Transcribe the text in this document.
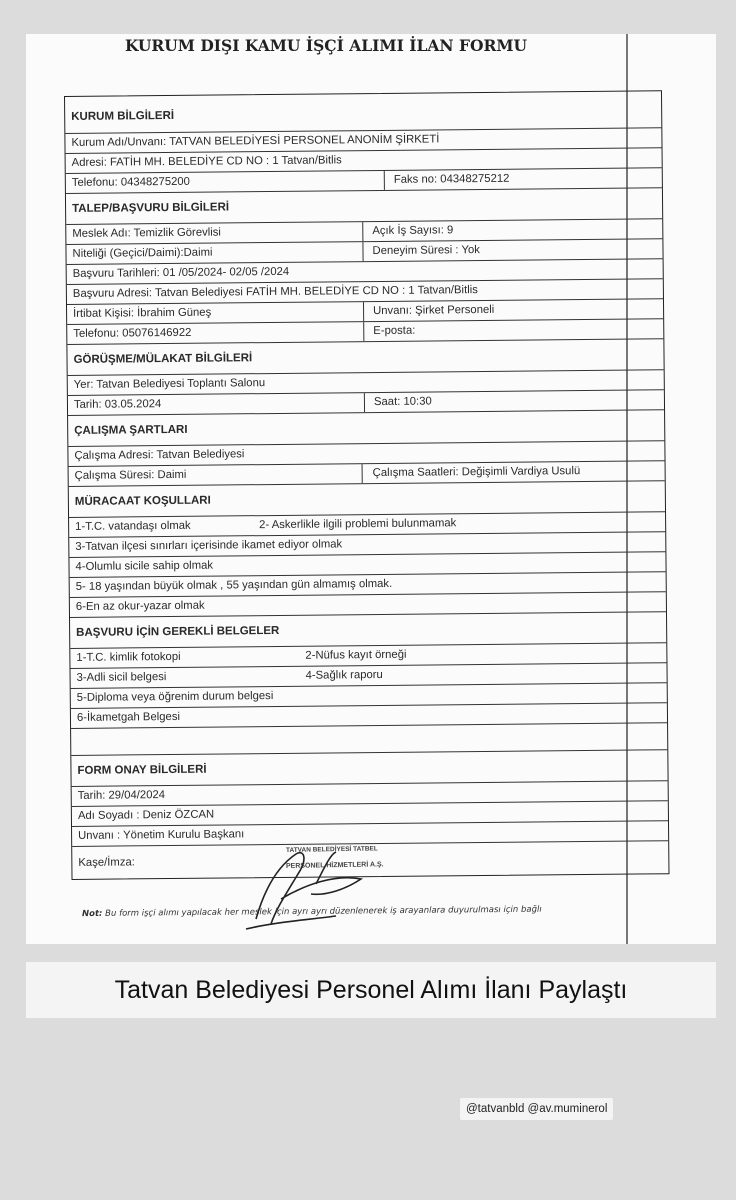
KURUM DIŞI KAMU İŞÇİ ALIMI İLAN FORMU
KURUM BİLGİLERİ
Kurum Adı/Unvanı: TATVAN BELEDİYESİ PERSONEL ANONİM ŞİRKETİ
Adresi: FATİH MH. BELEDİYE CD NO : 1 Tatvan/Bitlis
Telefonu: 04348275200	Faks no: 04348275212
TALEP/BAŞVURU BİLGİLERİ
Meslek Adı: Temizlik Görevlisi	Açık İş Sayısı: 9
Niteliği (Geçici/Daimi):Daimi	Deneyim Süresi : Yok
Başvuru Tarihleri: 01 /05/2024- 02/05 /2024
Başvuru Adresi: Tatvan Belediyesi FATİH MH. BELEDİYE CD NO : 1 Tatvan/Bitlis
İrtibat Kişisi: İbrahim Güneş	Unvanı: Şirket Personeli
Telefonu: 05076146922	E-posta:
GÖRÜŞME/MÜLAKAT BİLGİLERİ
Yer: Tatvan Belediyesi Toplantı Salonu
Tarih: 03.05.2024	Saat: 10:30
ÇALIŞMA ŞARTLARI
Çalışma Adresi: Tatvan Belediyesi
Çalışma Süresi: Daimi	Çalışma Saatleri: Değişimli Vardiya Usulü
MÜRACAAT KOŞULLARI
1-T.C. vatandaşı olmak	2- Askerlikle ilgili problemi bulunmamak
3-Tatvan ilçesi sınırları içerisinde ikamet ediyor olmak
4-Olumlu sicile sahip olmak
5- 18 yaşından büyük olmak , 55 yaşından gün almamış olmak.
6-En az okur-yazar olmak
BAŞVURU İÇİN GEREKLİ BELGELER
1-T.C. kimlik fotokopi	2-Nüfus kayıt örneği
3-Adli sicil belgesi	4-Sağlık raporu
5-Diploma veya öğrenim durum belgesi
6-İkametgah Belgesi
FORM ONAY BİLGİLERİ
Tarih: 29/04/2024
Adı Soyadı : Deniz ÖZCAN
Unvanı : Yönetim Kurulu Başkanı
Kaşe/İmza:
Not: Bu form işçi alımı yapılacak her meslek için ayrı ayrı düzenlenerek iş arayanlara duyurulması için bağlı
TATVAN BELEDİYESİ TATBEL
PERSONEL HİZMETLERİ A.Ş.
Tatvan Belediyesi Personel Alımı İlanı Paylaştı
@tatvanbld @av.muminerol
